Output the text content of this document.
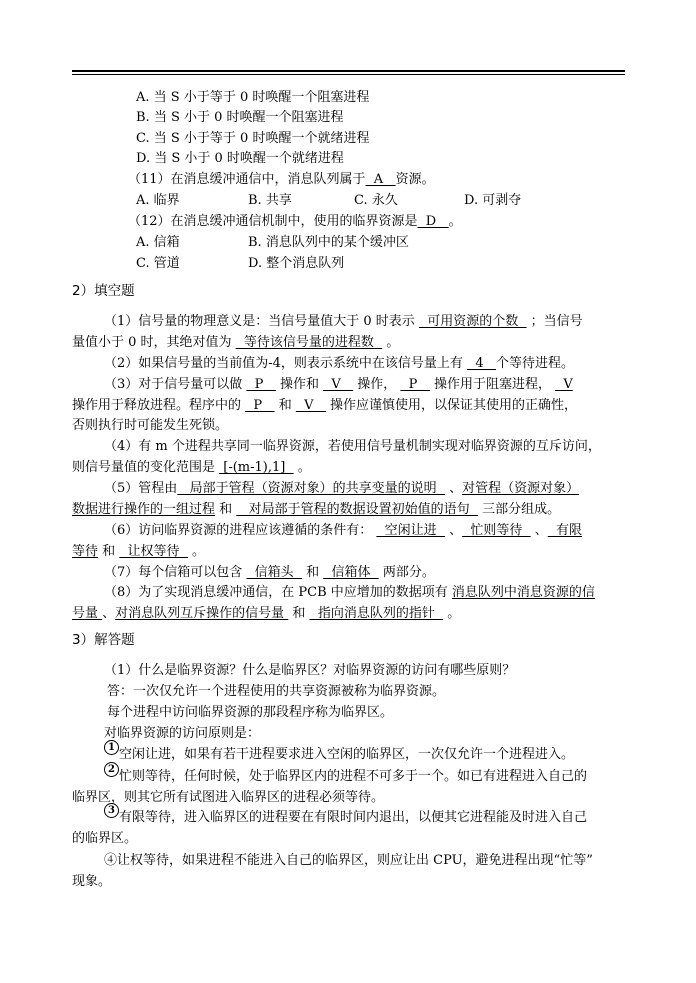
A. 当 S 小于等于 0 时唤醒一个阻塞进程
B. 当 S 小于 0 时唤醒一个阻塞进程
C. 当 S 小于等于 0 时唤醒一个就绪进程
D. 当 S 小于 0 时唤醒一个就绪进程
（11）在消息缓冲通信中，消息队列属于  A   资源。
A. 临界	B. 共享	C. 永久	D. 可剥夺
（12）在消息缓冲通信机制中，使用的临界资源是  D   。
A. 信箱	B. 消息队列中的某个缓冲区
C. 管道	D. 整个消息队列
2）填空题
（1）信号量的物理意义是：当信号量值大于 0 时表示   可用资源的个数   ；当信号
量值小于 0 时，其绝对值为   等待该信号量的进程数   。
（2）如果信号量的当前值为-4，则表示系统中在该信号量上有   4   个等待进程。
（3）对于信号量可以做   P    操作和   V    操作，   P    操作用于阻塞进程，   V
操作用于释放进程。程序中的   P    和   V    操作应谨慎使用，以保证其使用的正确性，
否则执行时可能发生死锁。
（4）有 m 个进程共享同一临界资源，若使用信号量机制实现对临界资源的互斥访问，
则信号量值的变化范围是  [-(m-1),1]   。
（5）管程由   局部于管程（资源对象）的共享变量的说明   、对管程（资源对象）
数据进行操作的一组过程 和    对局部于管程的数据设置初始值的语句   三部分组成。
（6）访问临界资源的进程应该遵循的条件有：   空闲让进   、  忙则等待   、  有限
等待 和   让权等待   。
（7）每个信箱可以包含   信箱头   和   信箱体   两部分。
（8）为了实现消息缓冲通信，在 PCB 中应增加的数据项有 消息队列中消息资源的信
号量 、对消息队列互斥操作的信号量  和   指向消息队列的指针   。
3）解答题
（1）什么是临界资源？什么是临界区？对临界资源的访问有哪些原则？
答：一次仅允许一个进程使用的共享资源被称为临界资源。
每个进程中访问临界资源的那段程序称为临界区。
对临界资源的访问原则是：
1 空闲让进，如果有若干进程要求进入空闲的临界区，一次仅允许一个进程进入。
2 忙则等待，任何时候，处于临界区内的进程不可多于一个。如已有进程进入自己的
临界区，则其它所有试图进入临界区的进程必须等待。
3 有限等待，进入临界区的进程要在有限时间内退出，以便其它进程能及时进入自己
的临界区。
④让权等待，如果进程不能进入自己的临界区，则应让出 CPU，避免进程出现“忙等”
现象。
